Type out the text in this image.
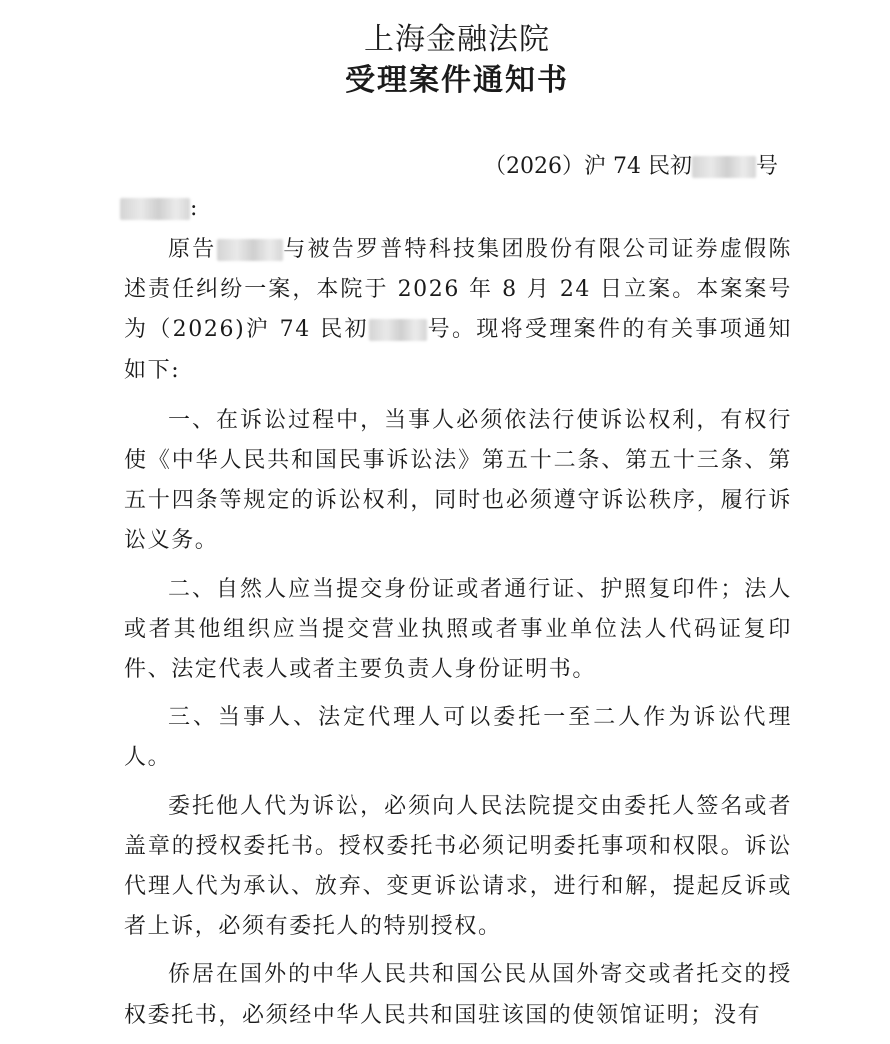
上海金融法院
受理案件通知书
（2026）沪 74 民初	号
:

原告	与被告罗普特科技集团股份有限公司证券虚假陈述责任纠纷一案，本院于 2026 年 8 月 24 日立案。本案案号为（2026)沪 74 民初	号。现将受理案件的有关事项通知如下:

一、在诉讼过程中，当事人必须依法行使诉讼权利，有权行使《中华人民共和国民事诉讼法》第五十二条、第五十三条、第五十四条等规定的诉讼权利，同时也必须遵守诉讼秩序，履行诉讼义务。

二、自然人应当提交身份证或者通行证、护照复印件；法人或者其他组织应当提交营业执照或者事业单位法人代码证复印件、法定代表人或者主要负责人身份证明书。

三、当事人、法定代理人可以委托一至二人作为诉讼代理人。

委托他人代为诉讼，必须向人民法院提交由委托人签名或者盖章的授权委托书。授权委托书必须记明委托事项和权限。诉讼代理人代为承认、放弃、变更诉讼请求，进行和解，提起反诉或者上诉，必须有委托人的特别授权。

侨居在国外的中华人民共和国公民从国外寄交或者托交的授权委托书，必须经中华人民共和国驻该国的使领馆证明；没有
